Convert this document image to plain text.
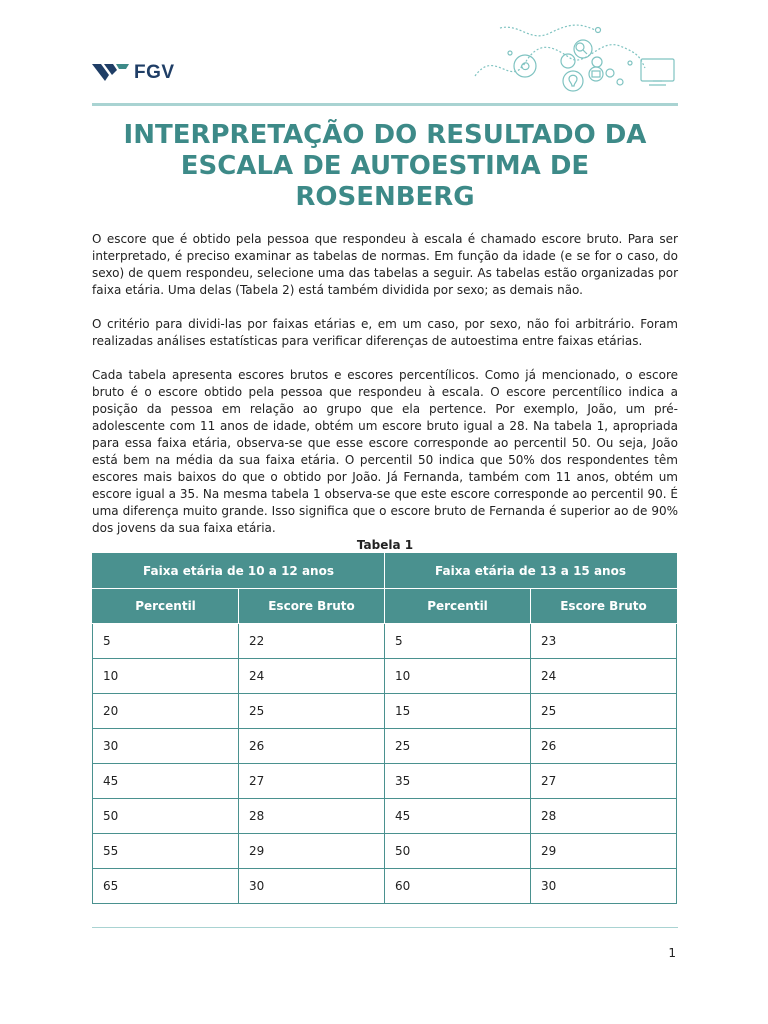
FGV
INTERPRETAÇÃO DO RESULTADO DA ESCALA DE AUTOESTIMA DE ROSENBERG

O escore que é obtido pela pessoa que respondeu à escala é chamado escore bruto. Para ser interpretado, é preciso examinar as tabelas de normas. Em função da idade (e se for o caso, do sexo) de quem respondeu, selecione uma das tabelas a seguir. As tabelas estão organizadas por faixa etária. Uma delas (Tabela 2) está também dividida por sexo; as demais não.

O critério para dividi-las por faixas etárias e, em um caso, por sexo, não foi arbitrário. Foram realizadas análises estatísticas para verificar diferenças de autoestima entre faixas etárias.

Cada tabela apresenta escores brutos e escores percentílicos. Como já mencionado, o escore bruto é o escore obtido pela pessoa que respondeu à escala. O escore percentílico indica a posição da pessoa em relação ao grupo que ela pertence. Por exemplo, João, um pré-adolescente com 11 anos de idade, obtém um escore bruto igual a 28. Na tabela 1, apropriada para essa faixa etária, observa-se que esse escore corresponde ao percentil 50. Ou seja, João está bem na média da sua faixa etária. O percentil 50 indica que 50% dos respondentes têm escores mais baixos do que o obtido por João. Já Fernanda, também com 11 anos, obtém um escore igual a 35. Na mesma tabela 1 observa-se que este escore corresponde ao percentil 90. É uma diferença muito grande. Isso significa que o escore bruto de Fernanda é superior ao de 90% dos jovens da sua faixa etária.

Tabela 1
Faixa etária de 10 a 12 anos		Faixa etária de 13 a 15 anos	
Percentil	Escore Bruto	Percentil	Escore Bruto
5	22	5	23
10	24	10	24
20	25	15	25
30	26	25	26
45	27	35	27
50	28	45	28
55	29	50	29
65	30	60	30
1
